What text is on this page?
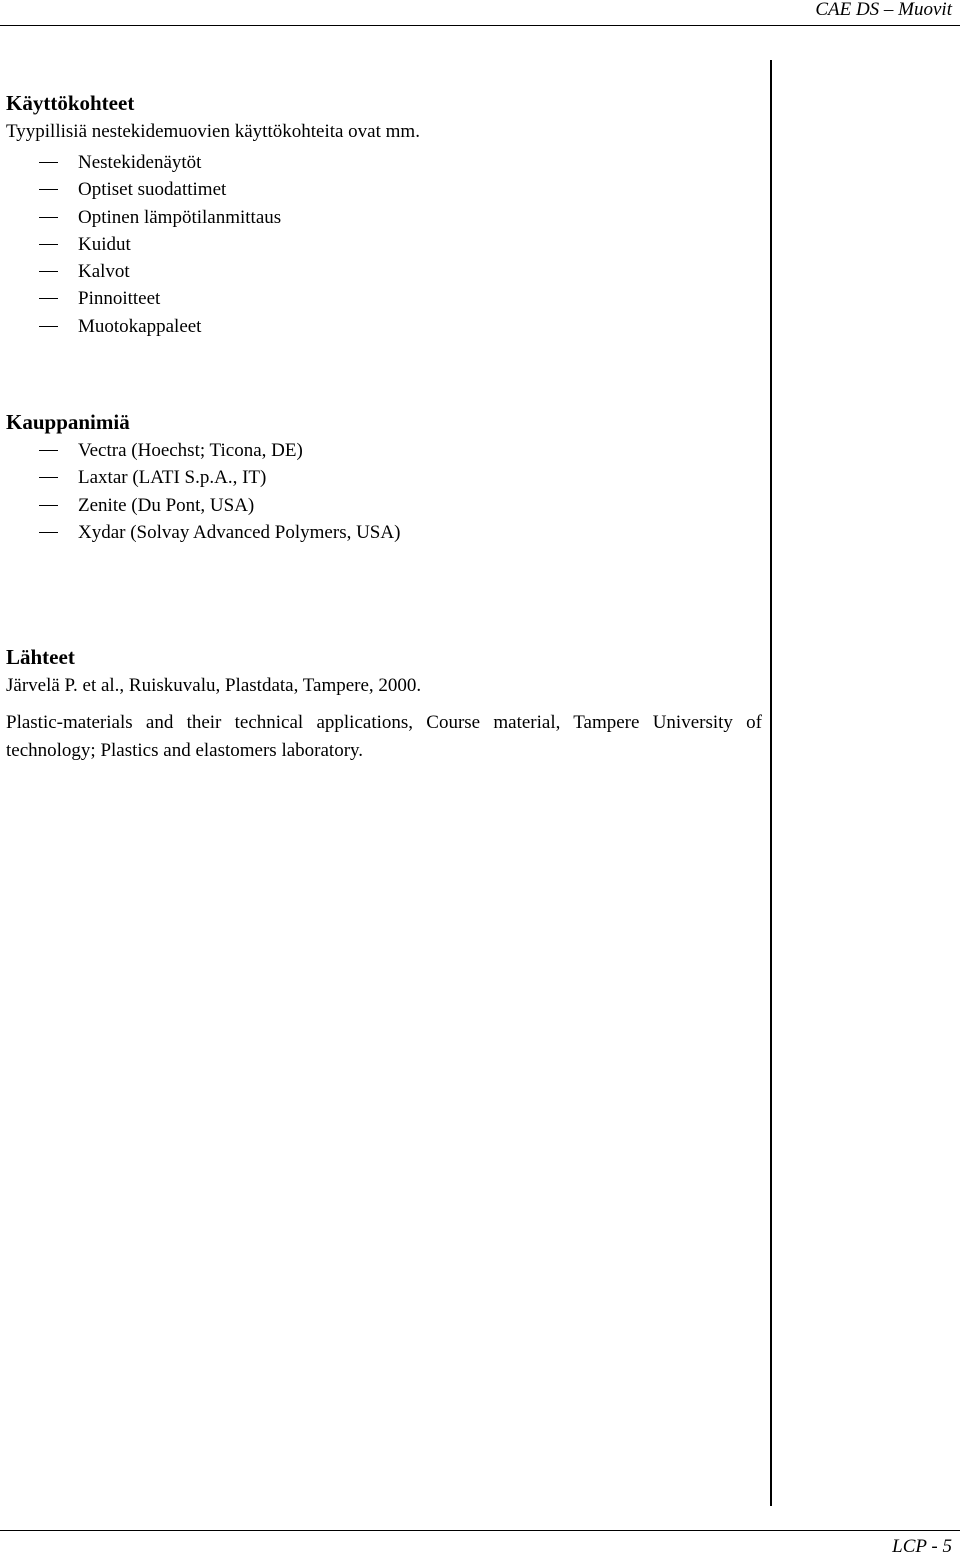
CAE DS – Muovit
Käyttökohteet

Tyypillisiä nestekidemuovien käyttökohteita ovat mm.

Nestekidenäytöt
Optiset suodattimet
Optinen lämpötilanmittaus
Kuidut
Kalvot
Pinnoitteet
Muotokappaleet
Kauppanimiä
Vectra (Hoechst; Ticona, DE)
Laxtar (LATI S.p.A., IT)
Zenite (Du Pont, USA)
Xydar (Solvay Advanced Polymers, USA)
Lähteet

Järvelä P. et al., Ruiskuvalu, Plastdata, Tampere, 2000.

Plastic-materials and their technical applications, Course material, Tampere University of technology; Plastics and elastomers laboratory.

LCP - 5
